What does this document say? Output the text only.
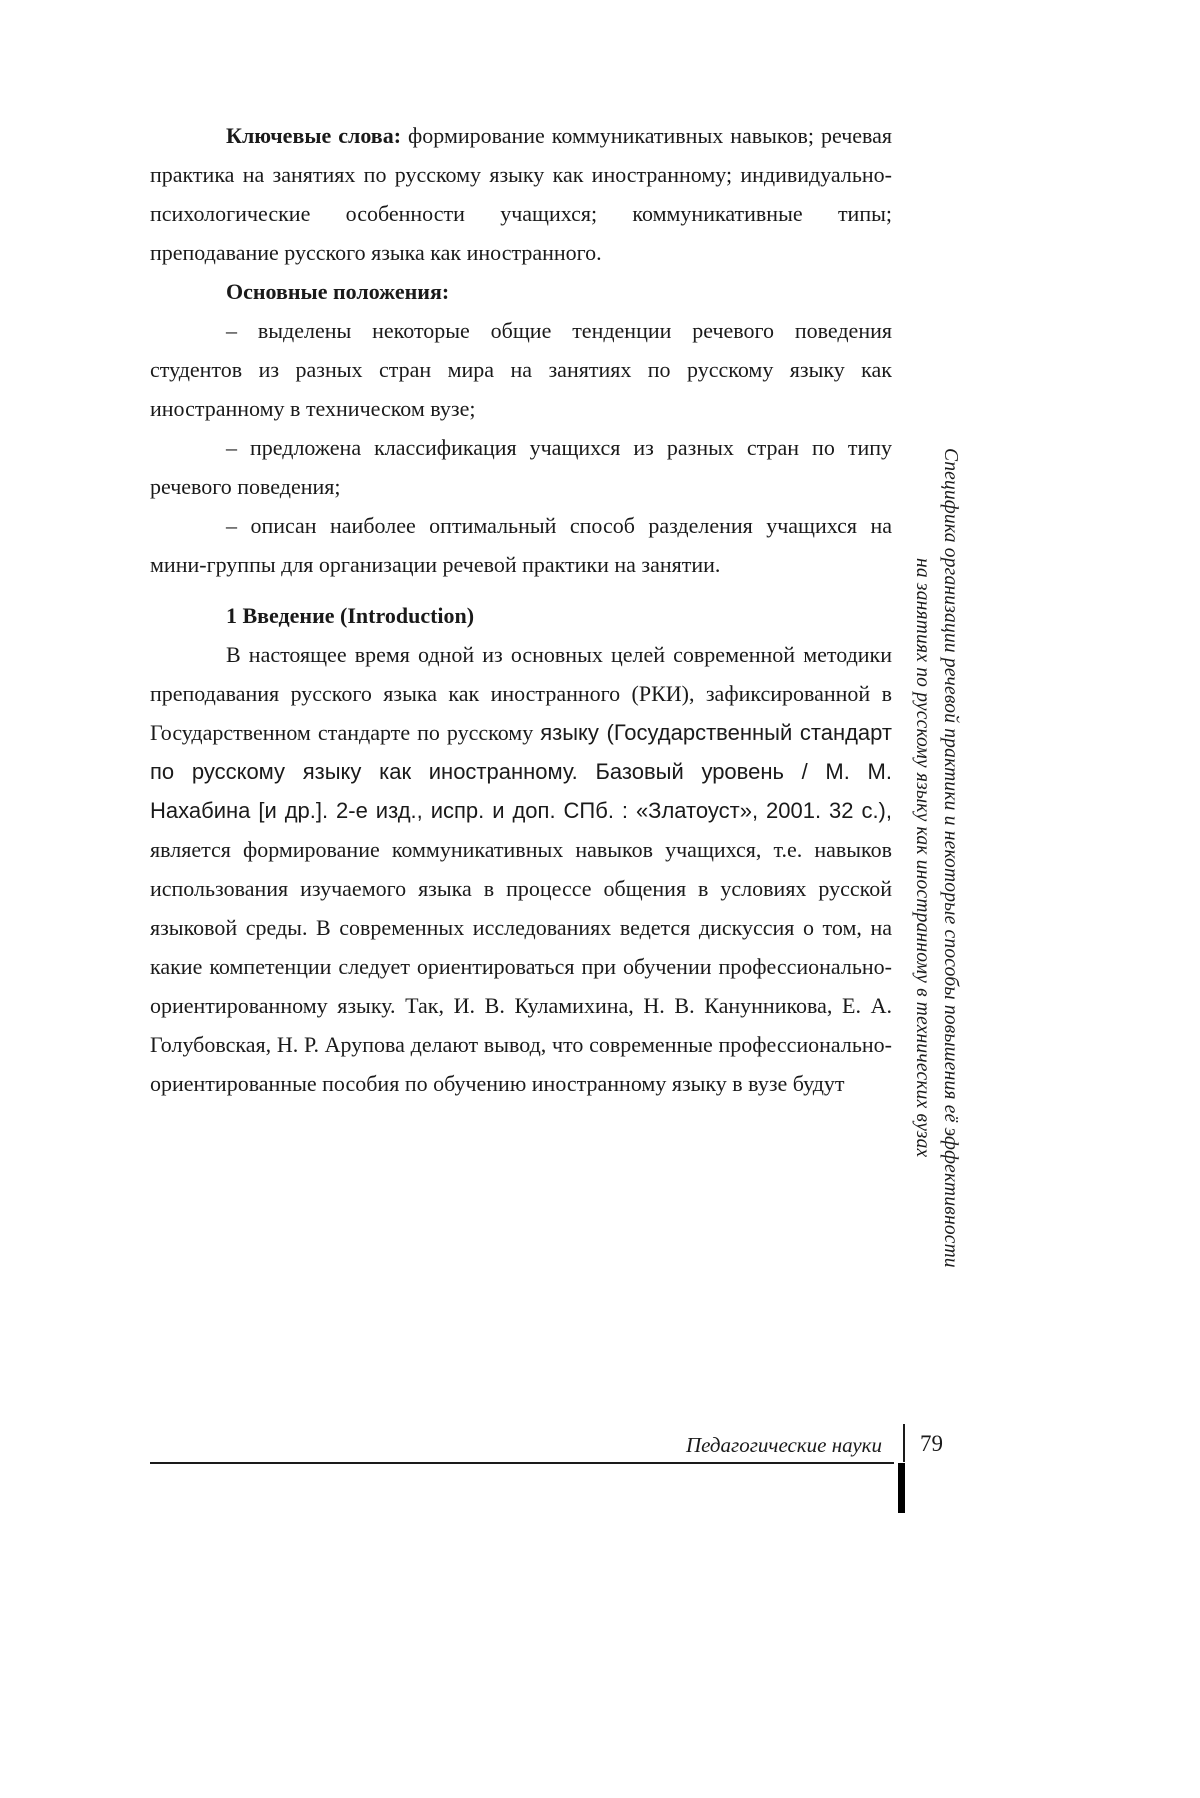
Ключевые слова: формирование коммуникативных навыков; речевая практика на занятиях по русскому языку как иностранному; индивидуально-психологические особенности учащихся; коммуникативные типы; преподавание русского языка как иностранного.

Основные положения:

– выделены некоторые общие тенденции речевого поведения студентов из разных стран мира на занятиях по русскому языку как иностранному в техническом вузе;

– предложена классификация учащихся из разных стран по типу речевого поведения;

– описан наиболее оптимальный способ разделения учащихся на мини-группы для организации речевой практики на занятии.

1 Введение (Introduction)

В настоящее время одной из основных целей современной методики преподавания русского языка как иностранного (РКИ), зафиксированной в Государственном стандарте по русскому языку (Государственный стандарт по русскому языку как иностранному. Базовый уровень / М. М. Нахабина [и др.]. 2-е изд., испр. и доп. СПб. : «Златоуст», 2001. 32 с.), является формирование коммуникативных навыков учащихся, т.е. навыков использования изучаемого языка в процессе общения в условиях русской языковой среды. В современных исследованиях ведется дискуссия о том, на какие компетенции следует ориентироваться при обучении профессионально-ориентированному языку. Так, И. В. Куламихина, Н. В. Канунникова, Е. А. Голубовская, Н. Р. Арупова делают вывод, что современные профессионально-ориентированные пособия по обучению иностранному языку в вузе будут	Специфика организации речевой практики и некоторые способы повышения её эффективности
на занятиях по русскому языку как иностранному в технических вузах
Педагогические науки 79
